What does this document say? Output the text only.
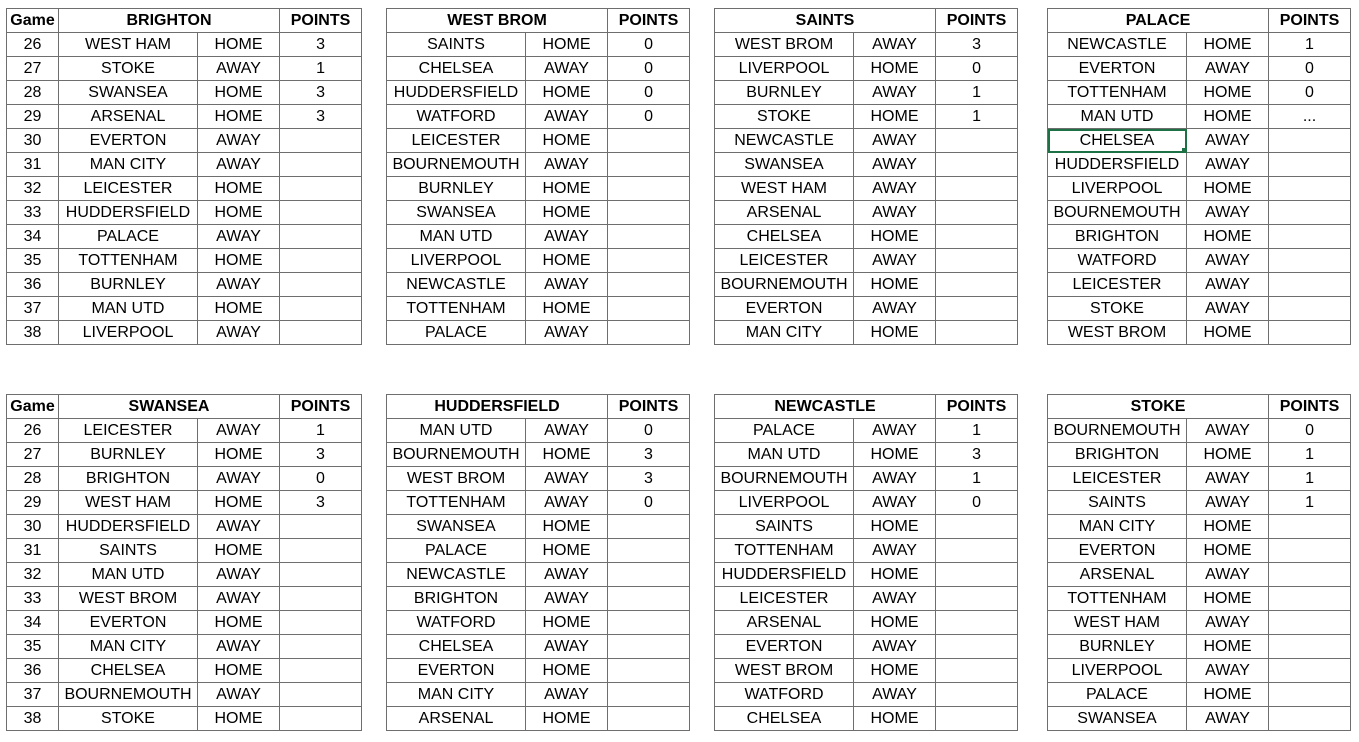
Game	BRIGHTON		POINTS
26	WEST HAM	HOME	3
27	STOKE	AWAY	1
28	SWANSEA	HOME	3
29	ARSENAL	HOME	3
30	EVERTON	AWAY	
31	MAN CITY	AWAY	
32	LEICESTER	HOME	
33	HUDDERSFIELD	HOME	
34	PALACE	AWAY	
35	TOTTENHAM	HOME	
36	BURNLEY	AWAY	
37	MAN UTD	HOME	
38	LIVERPOOL	AWAY	
WEST BROM		POINTS
SAINTS	HOME	0
CHELSEA	AWAY	0
HUDDERSFIELD	HOME	0
WATFORD	AWAY	0
LEICESTER	HOME	
BOURNEMOUTH	AWAY	
BURNLEY	HOME	
SWANSEA	HOME	
MAN UTD	AWAY	
LIVERPOOL	HOME	
NEWCASTLE	AWAY	
TOTTENHAM	HOME	
PALACE	AWAY	
SAINTS		POINTS
WEST BROM	AWAY	3
LIVERPOOL	HOME	0
BURNLEY	AWAY	1
STOKE	HOME	1
NEWCASTLE	AWAY	
SWANSEA	AWAY	
WEST HAM	AWAY	
ARSENAL	AWAY	
CHELSEA	HOME	
LEICESTER	AWAY	
BOURNEMOUTH	HOME	
EVERTON	AWAY	
MAN CITY	HOME	
PALACE		POINTS
NEWCASTLE	HOME	1
EVERTON	AWAY	0
TOTTENHAM	HOME	0
MAN UTD	HOME	...
CHELSEA	AWAY	
HUDDERSFIELD	AWAY	
LIVERPOOL	HOME	
BOURNEMOUTH	AWAY	
BRIGHTON	HOME	
WATFORD	AWAY	
LEICESTER	AWAY	
STOKE	AWAY	
WEST BROM	HOME	
Game	SWANSEA		POINTS
26	LEICESTER	AWAY	1
27	BURNLEY	HOME	3
28	BRIGHTON	AWAY	0
29	WEST HAM	HOME	3
30	HUDDERSFIELD	AWAY	
31	SAINTS	HOME	
32	MAN UTD	AWAY	
33	WEST BROM	AWAY	
34	EVERTON	HOME	
35	MAN CITY	AWAY	
36	CHELSEA	HOME	
37	BOURNEMOUTH	AWAY	
38	STOKE	HOME	
HUDDERSFIELD		POINTS
MAN UTD	AWAY	0
BOURNEMOUTH	HOME	3
WEST BROM	AWAY	3
TOTTENHAM	AWAY	0
SWANSEA	HOME	
PALACE	HOME	
NEWCASTLE	AWAY	
BRIGHTON	AWAY	
WATFORD	HOME	
CHELSEA	AWAY	
EVERTON	HOME	
MAN CITY	AWAY	
ARSENAL	HOME	
NEWCASTLE		POINTS
PALACE	AWAY	1
MAN UTD	HOME	3
BOURNEMOUTH	AWAY	1
LIVERPOOL	AWAY	0
SAINTS	HOME	
TOTTENHAM	AWAY	
HUDDERSFIELD	HOME	
LEICESTER	AWAY	
ARSENAL	HOME	
EVERTON	AWAY	
WEST BROM	HOME	
WATFORD	AWAY	
CHELSEA	HOME	
STOKE		POINTS
BOURNEMOUTH	AWAY	0
BRIGHTON	HOME	1
LEICESTER	AWAY	1
SAINTS	AWAY	1
MAN CITY	HOME	
EVERTON	HOME	
ARSENAL	AWAY	
TOTTENHAM	HOME	
WEST HAM	AWAY	
BURNLEY	HOME	
LIVERPOOL	AWAY	
PALACE	HOME	
SWANSEA	AWAY	
